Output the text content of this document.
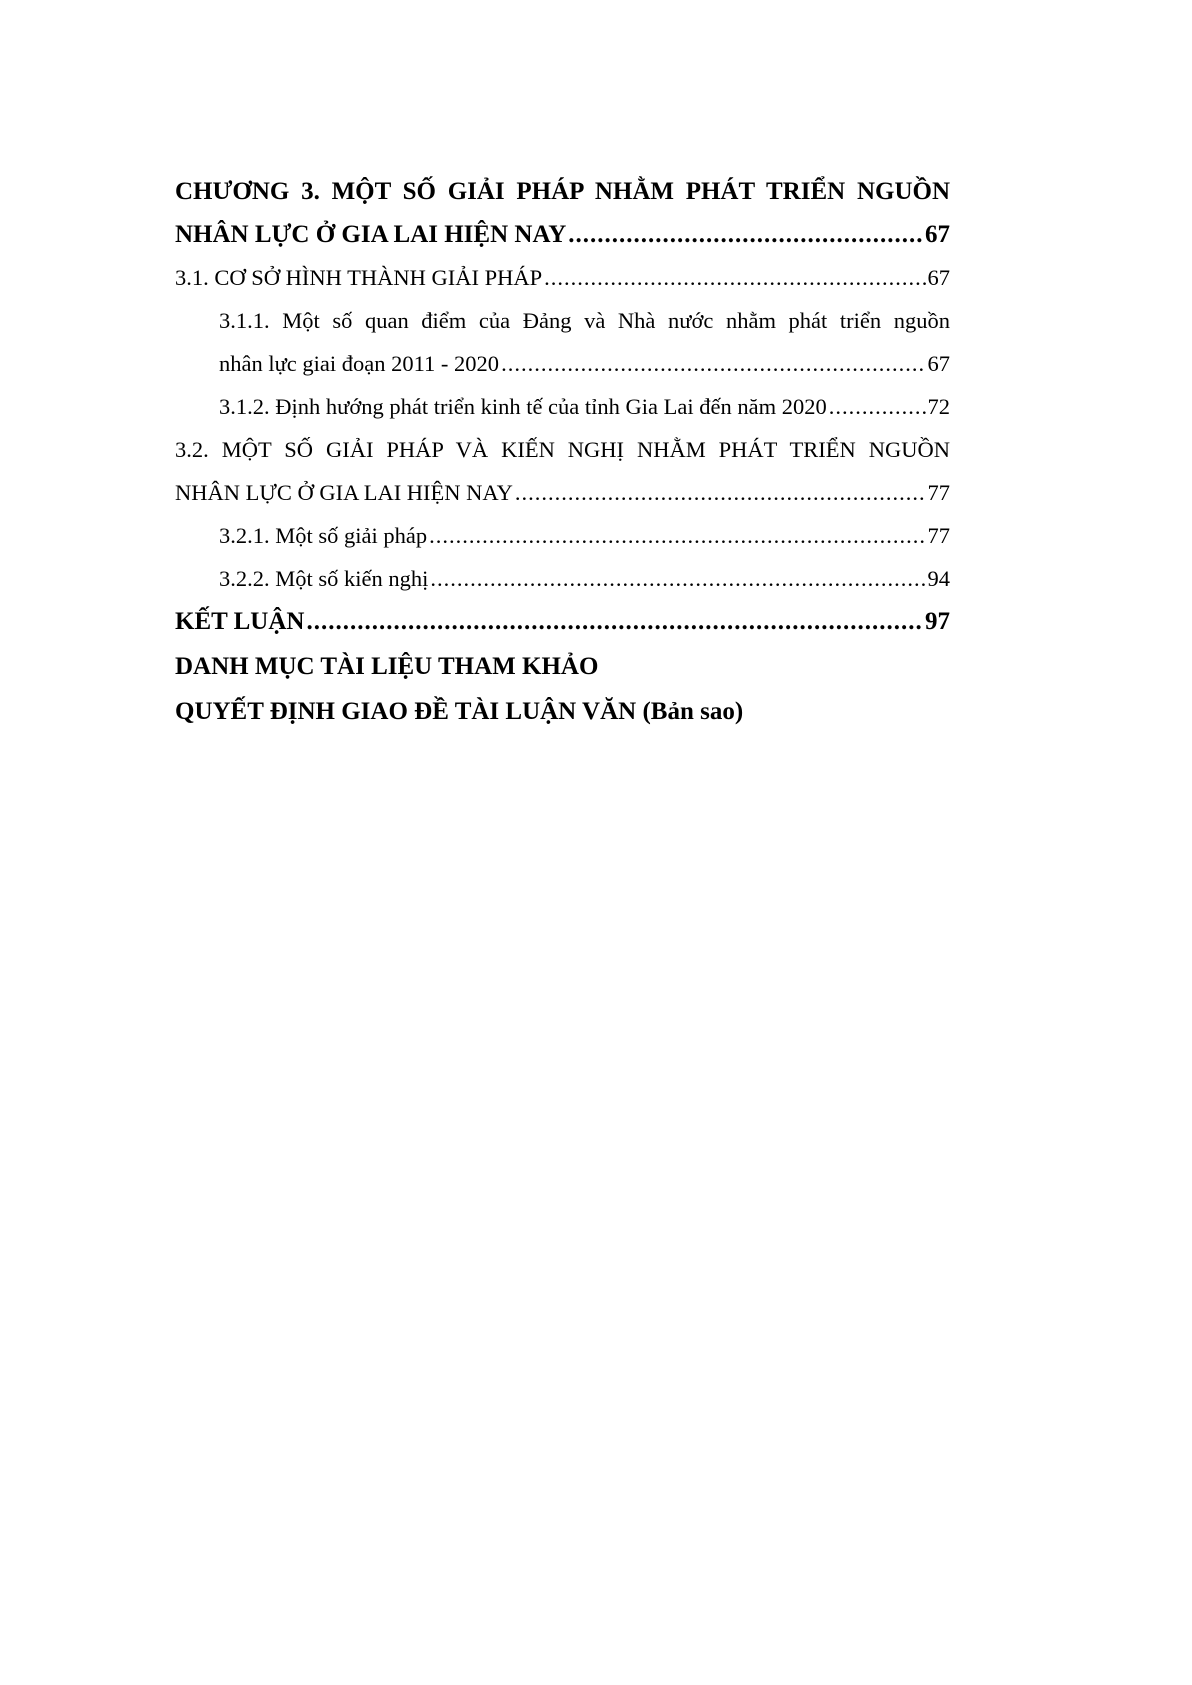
CHƯƠNG 3. MỘT SỐ GIẢI PHÁP NHẰM PHÁT TRIỂN NGUỒN
NHÂN LỰC Ở GIA LAI HIỆN NAY .....	67
3.1. CƠ SỞ HÌNH THÀNH GIẢI PHÁP .....	67
3.1.1. Một số quan điểm của Đảng và Nhà nước nhằm phát triển nguồn
nhân lực giai đoạn 2011 - 2020 .....	67
3.1.2. Định hướng phát triển kinh tế của tỉnh Gia Lai đến năm 2020 .....	72
3.2. MỘT SỐ GIẢI PHÁP VÀ KIẾN NGHỊ NHẰM PHÁT TRIỂN NGUỒN
NHÂN LỰC Ở GIA LAI HIỆN NAY .....	77
3.2.1. Một số giải pháp .....	77
3.2.2. Một số kiến nghị .....	94
KẾT LUẬN .....	97
DANH MỤC TÀI LIỆU THAM KHẢO
QUYẾT ĐỊNH GIAO ĐỀ TÀI LUẬN VĂN (Bản sao)
